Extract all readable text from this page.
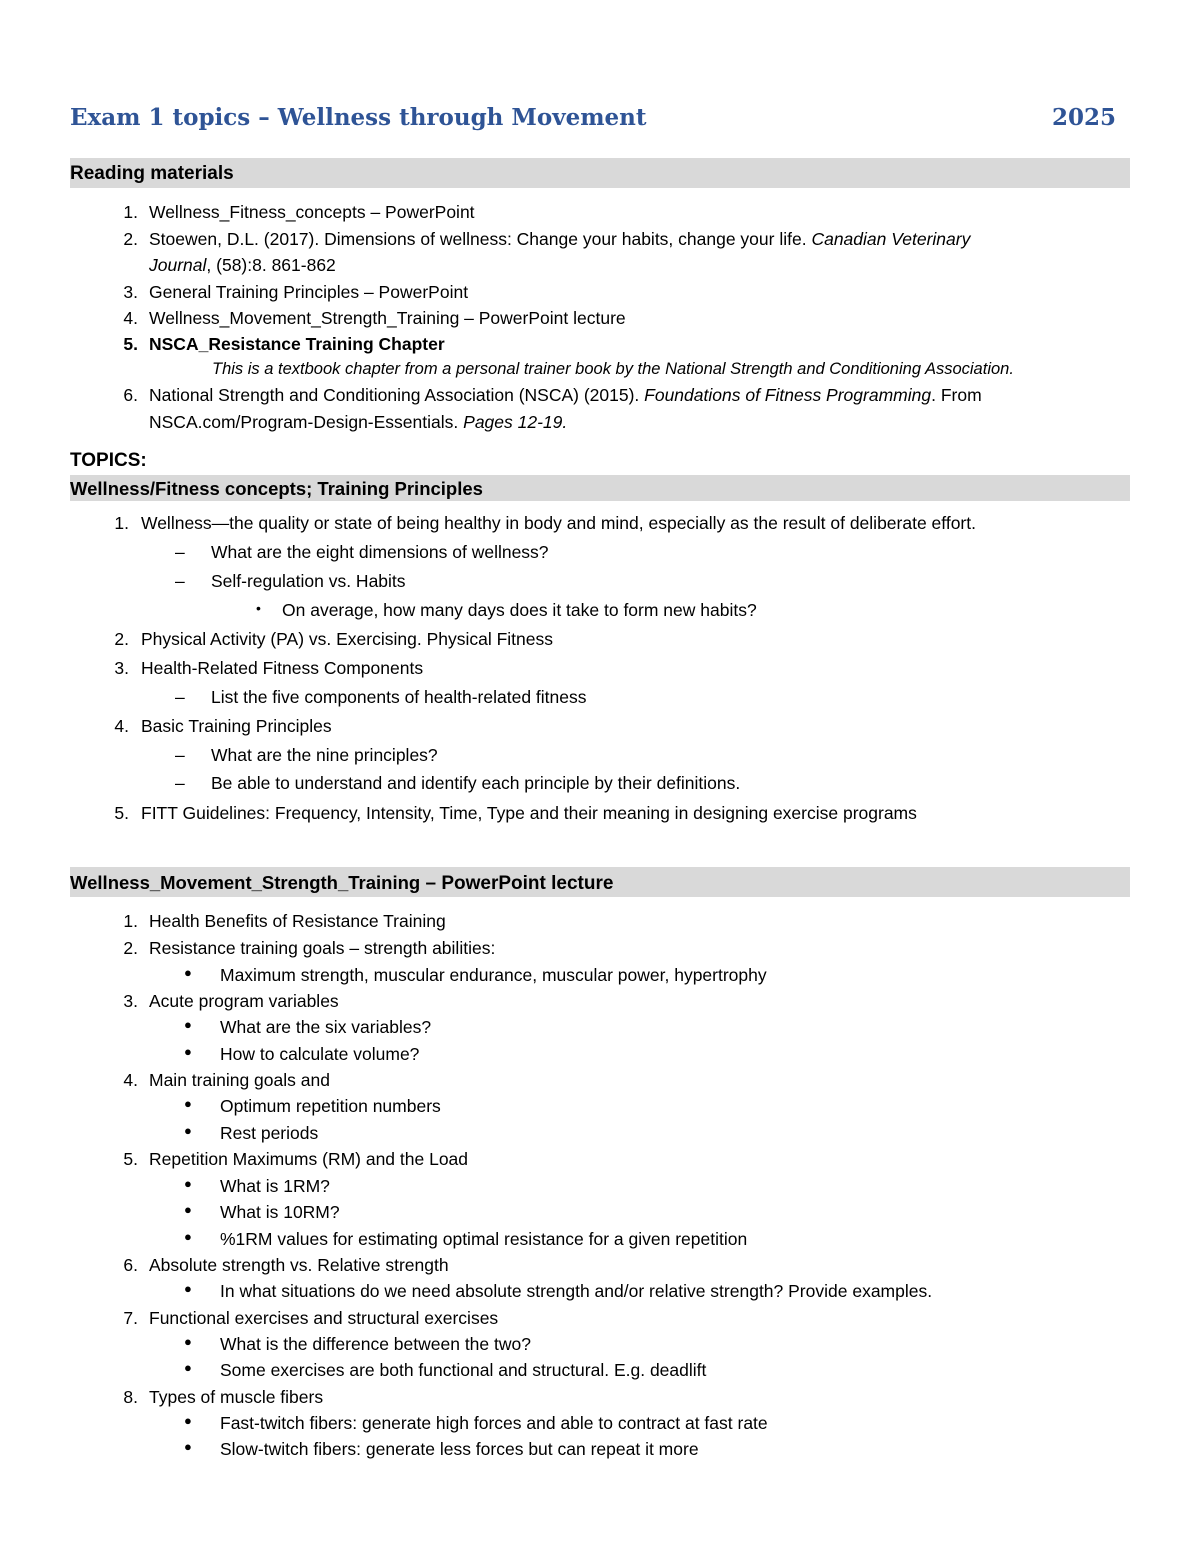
Exam 1 topics – Wellness through Movement	2025
Reading materials
1. Wellness_Fitness_concepts – PowerPoint
2. Stoewen, D.L. (2017). Dimensions of wellness: Change your habits, change your life. Canadian Veterinary
Journal, (58):8. 861-862
3. General Training Principles – PowerPoint
4. Wellness_Movement_Strength_Training – PowerPoint lecture
5. NSCA_Resistance Training Chapter
This is a textbook chapter from a personal trainer book by the National Strength and Conditioning Association.
6. National Strength and Conditioning Association (NSCA) (2015). Foundations of Fitness Programming. From
NSCA.com/Program-Design-Essentials. Pages 12-19.
TOPICS:
Wellness/Fitness concepts; Training Principles
1. Wellness—the quality or state of being healthy in body and mind, especially as the result of deliberate effort.
– What are the eight dimensions of wellness?
– Self-regulation vs. Habits
• On average, how many days does it take to form new habits?
2. Physical Activity (PA) vs. Exercising. Physical Fitness
3. Health-Related Fitness Components
– List the five components of health-related fitness
4. Basic Training Principles
– What are the nine principles?
– Be able to understand and identify each principle by their definitions.
5. FITT Guidelines: Frequency, Intensity, Time, Type and their meaning in designing exercise programs
Wellness_Movement_Strength_Training – PowerPoint lecture
1. Health Benefits of Resistance Training
2. Resistance training goals – strength abilities:
● Maximum strength, muscular endurance, muscular power, hypertrophy
3. Acute program variables
● What are the six variables?
● How to calculate volume?
4. Main training goals and
● Optimum repetition numbers
● Rest periods
5. Repetition Maximums (RM) and the Load
● What is 1RM?
● What is 10RM?
● %1RM values for estimating optimal resistance for a given repetition
6. Absolute strength vs. Relative strength
● In what situations do we need absolute strength and/or relative strength? Provide examples.
7. Functional exercises and structural exercises
● What is the difference between the two?
● Some exercises are both functional and structural. E.g. deadlift
8. Types of muscle fibers
● Fast-twitch fibers: generate high forces and able to contract at fast rate
● Slow-twitch fibers: generate less forces but can repeat it more
